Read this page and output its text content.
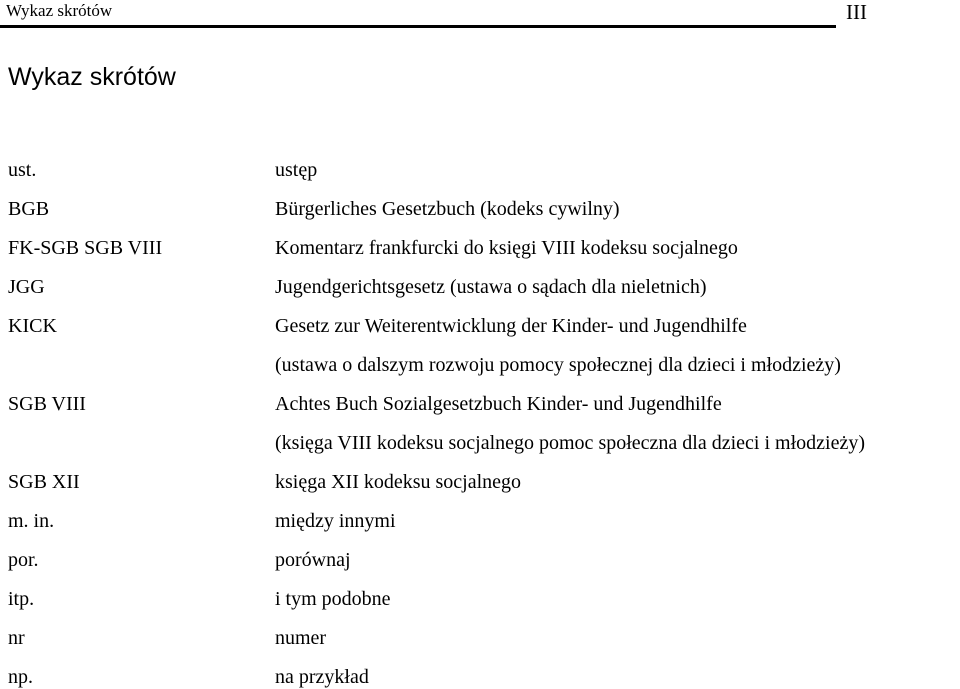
Wykaz skrótów	III
Wykaz skrótów
ust.	ustęp
BGB	Bürgerliches Gesetzbuch (kodeks cywilny)
FK-SGB SGB VIII	Komentarz frankfurcki do księgi VIII kodeksu socjalnego
JGG	Jugendgerichtsgesetz (ustawa o sądach dla nieletnich)
KICK	Gesetz zur Weiterentwicklung der Kinder- und Jugendhilfe
(ustawa o dalszym rozwoju pomocy społecznej dla dzieci i młodzieży)
SGB VIII	Achtes Buch Sozialgesetzbuch Kinder- und Jugendhilfe
(księga VIII kodeksu socjalnego pomoc społeczna dla dzieci i młodzieży)
SGB XII	księga XII kodeksu socjalnego
m. in.	między innymi
por.	porównaj
itp.	i tym podobne
nr	numer
np.	na przykład
